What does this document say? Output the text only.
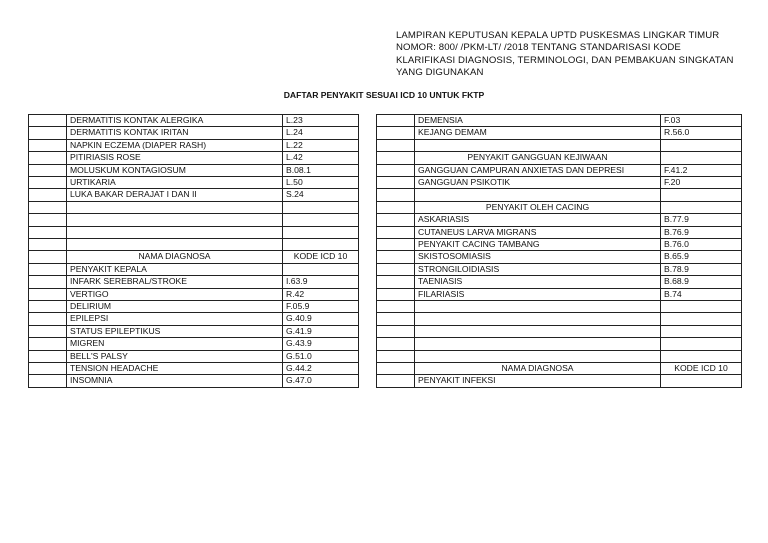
LAMPIRAN KEPUTUSAN KEPALA UPTD PUSKESMAS LINGKAR TIMUR
NOMOR: 800/ /PKM-LT/ /2018 TENTANG STANDARISASI KODE
KLARIFIKASI DIAGNOSIS, TERMINOLOGI, DAN PEMBAKUAN SINGKATAN
YANG DIGUNAKAN
DAFTAR PENYAKIT SESUAI ICD 10 UNTUK FKTP
	DERMATITIS KONTAK ALERGIKA	L.23
	DERMATITIS KONTAK IRITAN	L.24
	NAPKIN ECZEMA (DIAPER RASH)	L.22
	PITIRIASIS ROSE	L.42
	MOLUSKUM KONTAGIOSUM	B.08.1
	URTIKARIA	L.50
	LUKA BAKAR DERAJAT I DAN II	S.24

	NAMA DIAGNOSA	KODE ICD 10
	PENYAKIT KEPALA	
	INFARK SEREBRAL/STROKE	I.63.9
	VERTIGO	R.42
	DELIRIUM	F.05.9
	EPILEPSI	G.40.9
	STATUS EPILEPTIKUS	G.41.9
	MIGREN	G.43.9
	BELL'S PALSY	G.51.0
	TENSION HEADACHE	G.44.2
	INSOMNIA	G.47.0
	DEMENSIA	F.03
	KEJANG DEMAM	R.56.0

	PENYAKIT GANGGUAN KEJIWAAN	
	GANGGUAN CAMPURAN ANXIETAS DAN DEPRESI	F.41.2
	GANGGUAN PSIKOTIK	F.20

	PENYAKIT OLEH CACING	
	ASKARIASIS	B.77.9
	CUTANEUS LARVA MIGRANS	B.76.9
	PENYAKIT CACING TAMBANG	B.76.0
	SKISTOSOMIASIS	B.65.9
	STRONGILOIDIASIS	B.78.9
	TAENIASIS	B.68.9
	FILARIASIS	B.74

	NAMA DIAGNOSA	KODE ICD 10
	PENYAKIT INFEKSI	
